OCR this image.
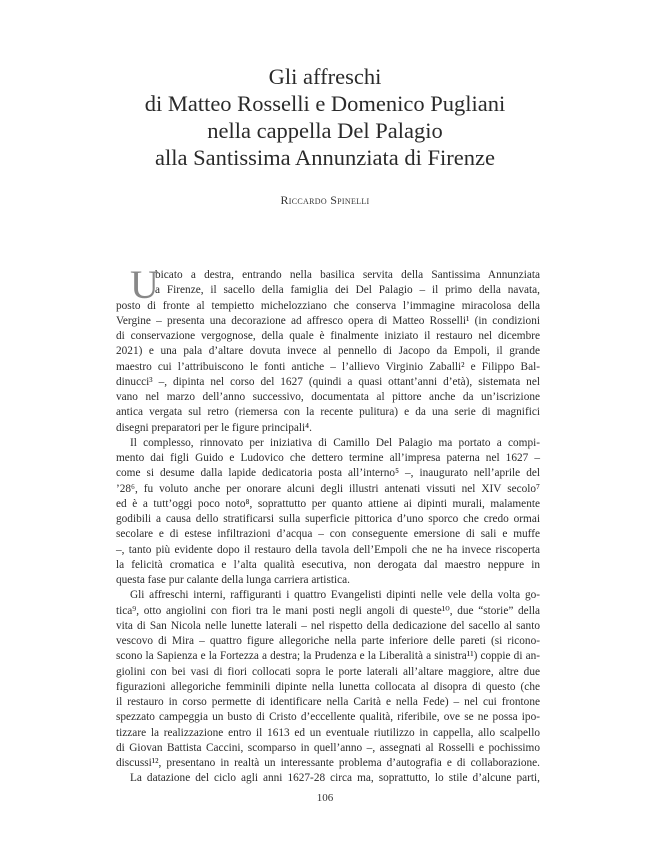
Gli affreschi
di Matteo Rosselli e Domenico Pugliani
nella cappella Del Palagio
alla Santissima Annunziata di Firenze
Riccardo Spinelli
U
bicato a destra, entrando nella basilica servita della Santissima Annunziata
a Firenze, il sacello della famiglia dei Del Palagio – il primo della navata,
posto di fronte al tempietto michelozziano che conserva l’immagine miracolosa della
Vergine – presenta una decorazione ad affresco opera di Matteo Rosselli¹ (in condizioni
di conservazione vergognose, della quale è finalmente iniziato il restauro nel dicembre
2021) e una pala d’altare dovuta invece al pennello di Jacopo da Empoli, il grande
maestro cui l’attribuiscono le fonti antiche – l’allievo Virginio Zaballi² e Filippo Bal-
dinucci³ –, dipinta nel corso del 1627 (quindi a quasi ottant’anni d’età), sistemata nel
vano nel marzo dell’anno successivo, documentata al pittore anche da un’iscrizione
antica vergata sul retro (riemersa con la recente pulitura) e da una serie di magnifici
disegni preparatori per le figure principali⁴.
Il complesso, rinnovato per iniziativa di Camillo Del Palagio ma portato a compi-
mento dai figli Guido e Ludovico che dettero termine all’impresa paterna nel 1627 –
come si desume dalla lapide dedicatoria posta all’interno⁵ –, inaugurato nell’aprile del
’28⁶, fu voluto anche per onorare alcuni degli illustri antenati vissuti nel XIV secolo⁷
ed è a tutt’oggi poco noto⁸, soprattutto per quanto attiene ai dipinti murali, malamente
godibili a causa dello stratificarsi sulla superficie pittorica d’uno sporco che credo ormai
secolare e di estese infiltrazioni d’acqua – con conseguente emersione di sali e muffe
–, tanto più evidente dopo il restauro della tavola dell’Empoli che ne ha invece riscoperta
la felicità cromatica e l’alta qualità esecutiva, non derogata dal maestro neppure in
questa fase pur calante della lunga carriera artistica.
Gli affreschi interni, raffiguranti i quattro Evangelisti dipinti nelle vele della volta go-
tica⁹, otto angiolini con fiori tra le mani posti negli angoli di queste¹⁰, due “storie” della
vita di San Nicola nelle lunette laterali – nel rispetto della dedicazione del sacello al santo
vescovo di Mira – quattro figure allegoriche nella parte inferiore delle pareti (si ricono-
scono la Sapienza e la Fortezza a destra; la Prudenza e la Liberalità a sinistra¹¹) coppie di an-
giolini con bei vasi di fiori collocati sopra le porte laterali all’altare maggiore, altre due
figurazioni allegoriche femminili dipinte nella lunetta collocata al disopra di questo (che
il restauro in corso permette di identificare nella Carità e nella Fede) – nel cui frontone
spezzato campeggia un busto di Cristo d’eccellente qualità, riferibile, ove se ne possa ipo-
tizzare la realizzazione entro il 1613 ed un eventuale riutilizzo in cappella, allo scalpello
di Giovan Battista Caccini, scomparso in quell’anno –, assegnati al Rosselli e pochissimo
discussi¹², presentano in realtà un interessante problema d’autografia e di collaborazione.
La datazione del ciclo agli anni 1627-28 circa ma, soprattutto, lo stile d’alcune parti,
106
